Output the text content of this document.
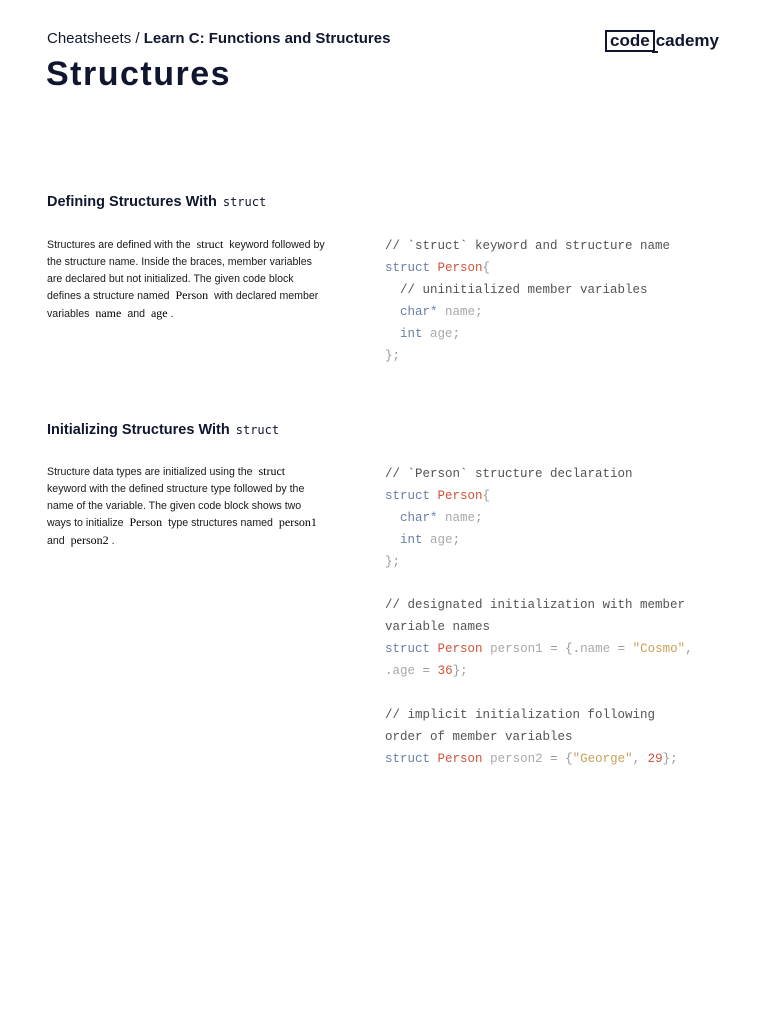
Cheatsheets / Learn C: Functions and Structures	code cademy
Structures
Defining Structures With struct

Structures are defined with the struct keyword followed by the structure name. Inside the braces, member variables are declared but not initialized. The given code block defines a structure named Person with declared member variables name and age .

// `struct` keyword and structure name
struct Person{
// uninitialized member variables
char* name;
int age;
};
Initializing Structures With struct

Structure data types are initialized using the struct keyword with the defined structure type followed by the name of the variable. The given code block shows two ways to initialize Person type structures named person1 and person2 .

// `Person` structure declaration
struct Person{
char* name;
int age;
};

// designated initialization with member
variable names
struct Person person1 = {.name = "Cosmo",
.age = 36};

// implicit initialization following
order of member variables
struct Person person2 = {"George", 29};
